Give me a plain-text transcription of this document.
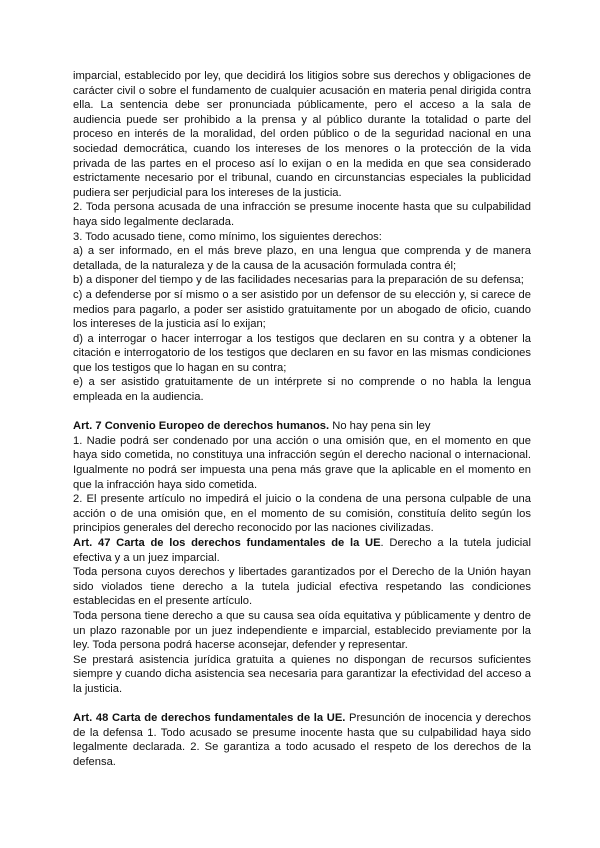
imparcial, establecido por ley, que decidirá los litigios sobre sus derechos y obligaciones de carácter civil o sobre el fundamento de cualquier acusación en materia penal dirigida contra ella. La sentencia debe ser pronunciada públicamente, pero el acceso a la sala de audiencia puede ser prohibido a la prensa y al público durante la totalidad o parte del proceso en interés de la moralidad, del orden público o de la seguridad nacional en una sociedad democrática, cuando los intereses de los menores o la protección de la vida privada de las partes en el proceso así lo exijan o en la medida en que sea considerado estrictamente necesario por el tribunal, cuando en circunstancias especiales la publicidad pudiera ser perjudicial para los intereses de la justicia.

2. Toda persona acusada de una infracción se presume inocente hasta que su culpabilidad haya sido legalmente declarada.

3. Todo acusado tiene, como mínimo, los siguientes derechos:

a) a ser informado, en el más breve plazo, en una lengua que comprenda y de manera detallada, de la naturaleza y de la causa de la acusación formulada contra él;

b) a disponer del tiempo y de las facilidades necesarias para la preparación de su defensa;

c) a defenderse por sí mismo o a ser asistido por un defensor de su elección y, si carece de medios para pagarlo, a poder ser asistido gratuitamente por un abogado de oficio, cuando los intereses de la justicia así lo exijan;

d) a interrogar o hacer interrogar a los testigos que declaren en su contra y a obtener la citación e interrogatorio de los testigos que declaren en su favor en las mismas condiciones que los testigos que lo hagan en su contra;

e) a ser asistido gratuitamente de un intérprete si no comprende o no habla la lengua empleada en la audiencia.

Art. 7 Convenio Europeo de derechos humanos. No hay pena sin ley

1. Nadie podrá ser condenado por una acción o una omisión que, en el momento en que haya sido cometida, no constituya una infracción según el derecho nacional o internacional. Igualmente no podrá ser impuesta una pena más grave que la aplicable en el momento en que la infracción haya sido cometida.

2. El presente artículo no impedirá el juicio o la condena de una persona culpable de una acción o de una omisión que, en el momento de su comisión, constituía delito según los principios generales del derecho reconocido por las naciones civilizadas.

Art. 47 Carta de los derechos fundamentales de la UE. Derecho a la tutela judicial efectiva y a un juez imparcial.

Toda persona cuyos derechos y libertades garantizados por el Derecho de la Unión hayan sido violados tiene derecho a la tutela judicial efectiva respetando las condiciones establecidas en el presente artículo.

Toda persona tiene derecho a que su causa sea oída equitativa y públicamente y dentro de un plazo razonable por un juez independiente e imparcial, establecido previamente por la ley. Toda persona podrá hacerse aconsejar, defender y representar.

Se prestará asistencia jurídica gratuita a quienes no dispongan de recursos suficientes siempre y cuando dicha asistencia sea necesaria para garantizar la efectividad del acceso a la justicia.

Art. 48 Carta de derechos fundamentales de la UE. Presunción de inocencia y derechos de la defensa 1. Todo acusado se presume inocente hasta que su culpabilidad haya sido legalmente declarada. 2. Se garantiza a todo acusado el respeto de los derechos de la defensa.
